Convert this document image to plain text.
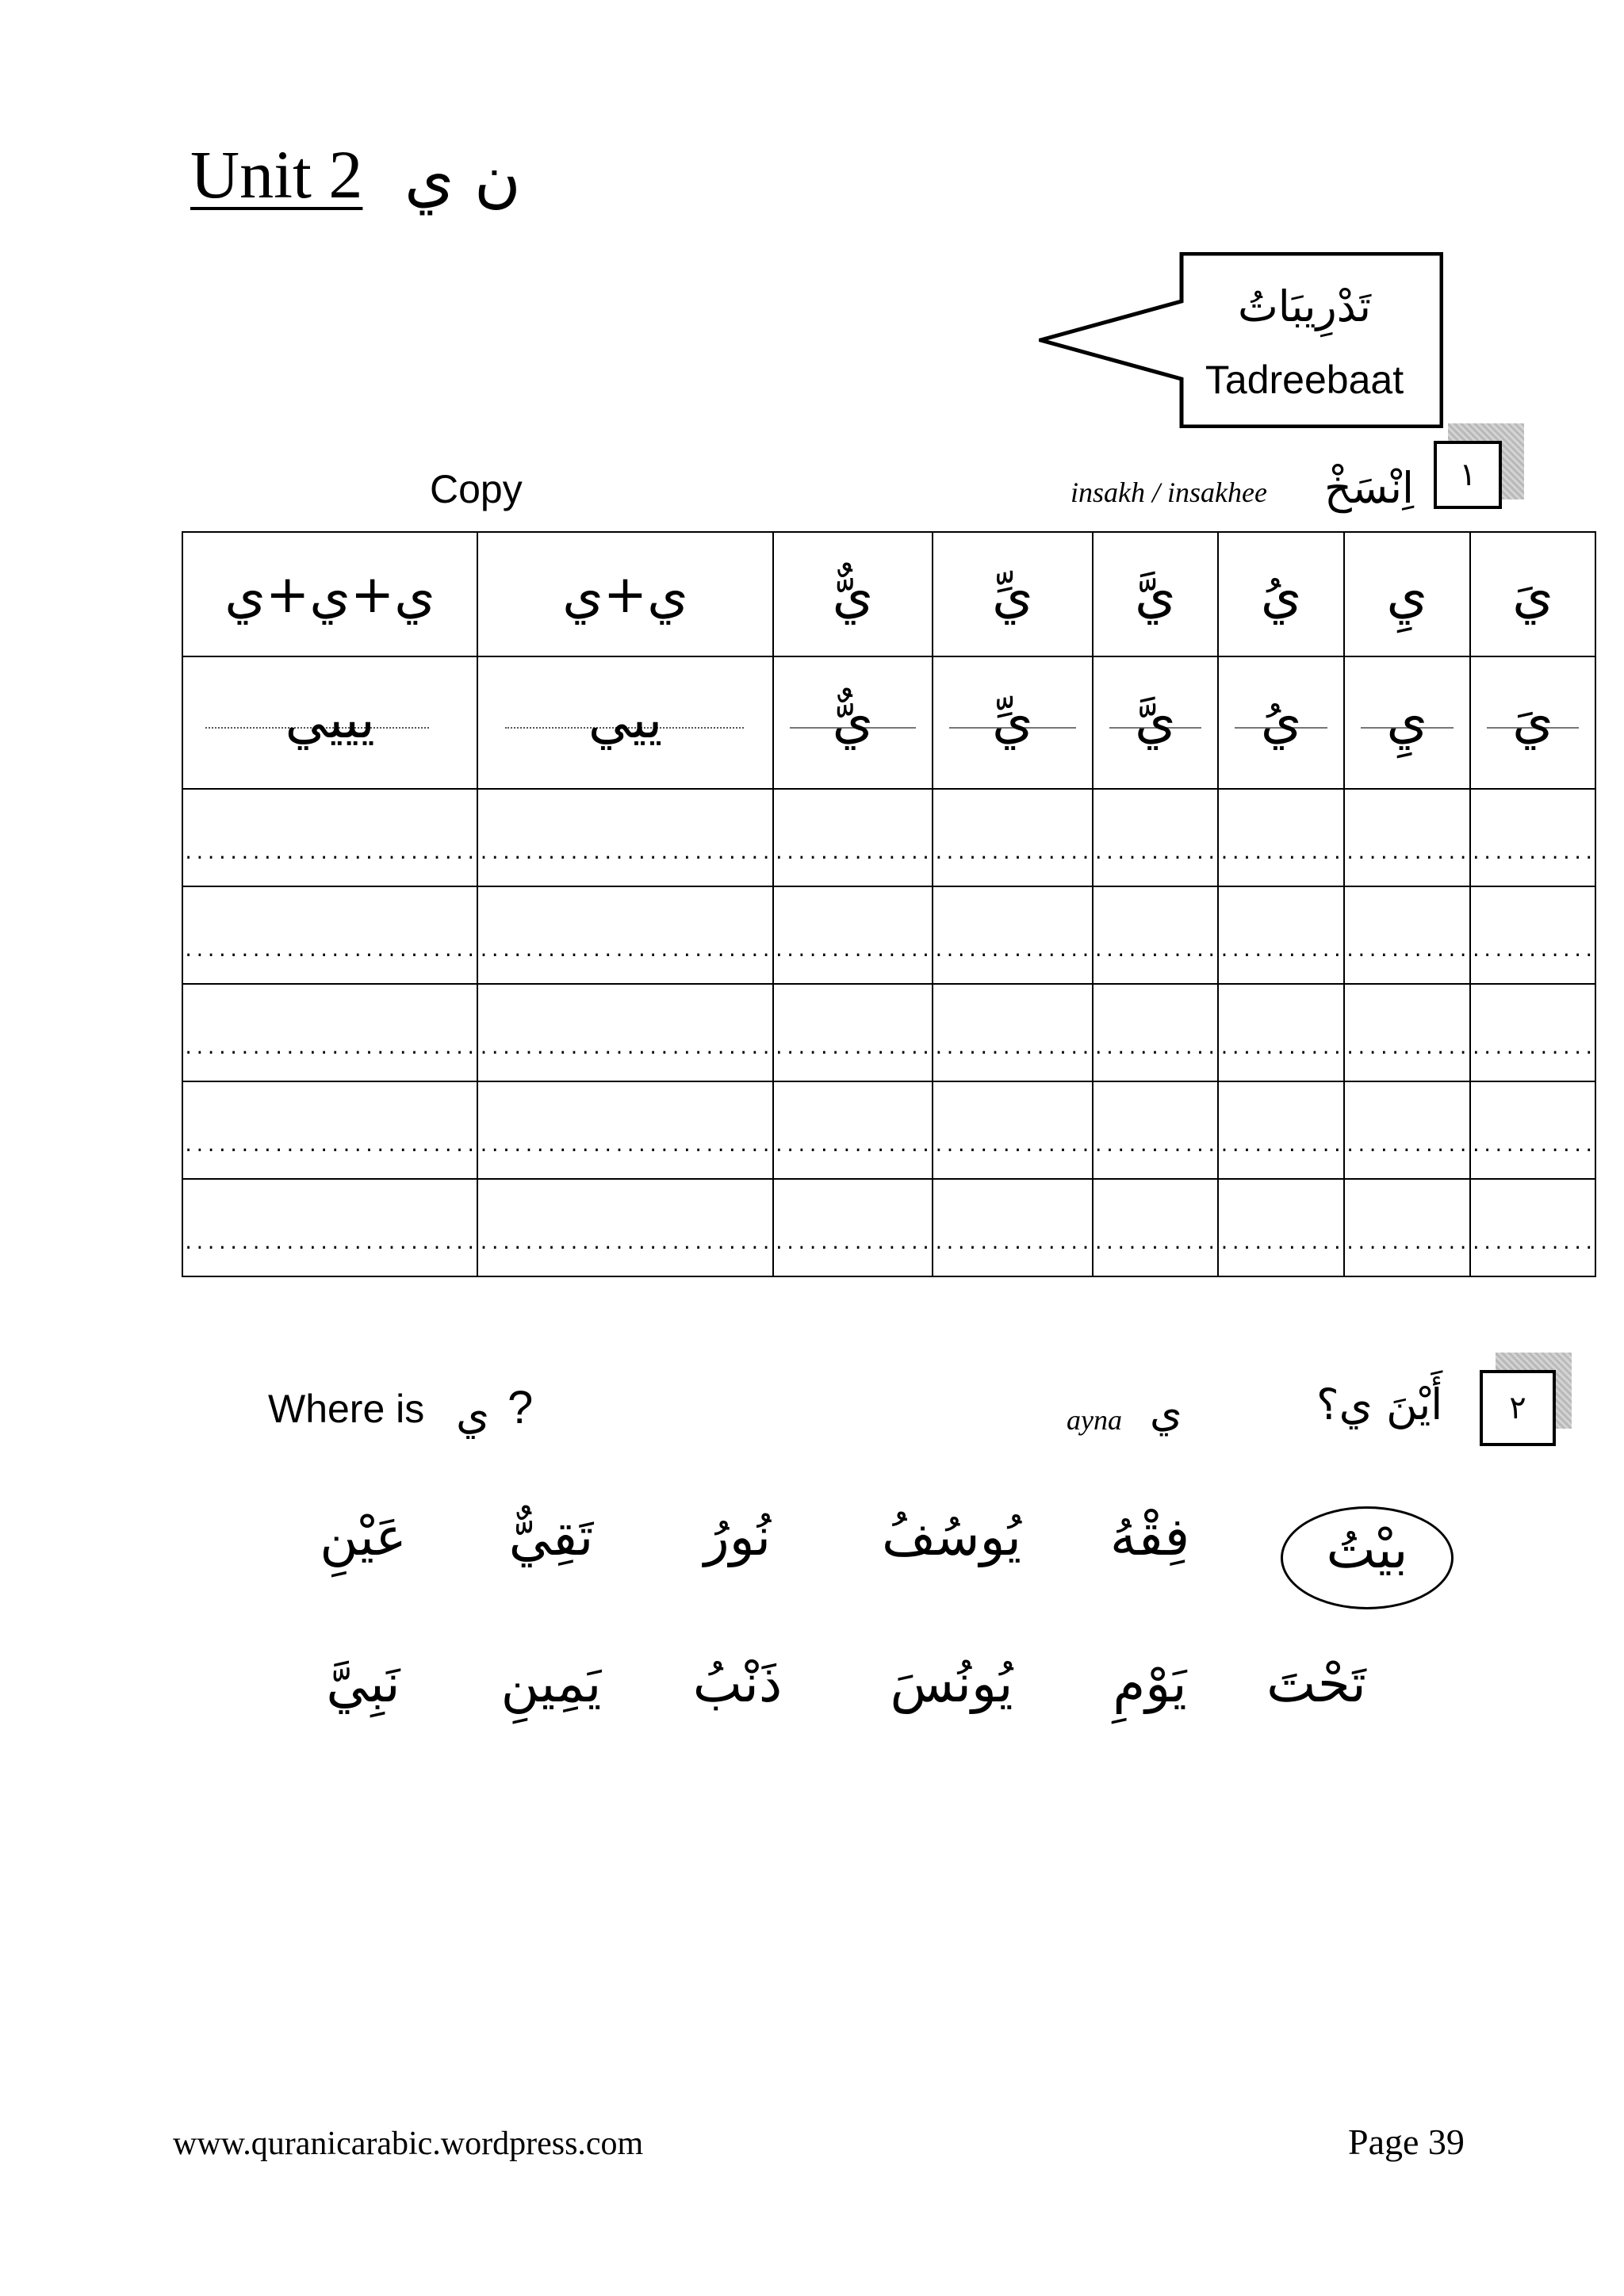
Unit 2 ن ي
تَدْرِيبَاتُ
Tadreebaat
١
اِنْسَخْ
insakh / insakhee
Copy
ي+ي+ي	ي+ي	يٌّ	يِّ	يَّ	يُ	يِ	يَ

يييي	ييي	يٌّ	يِّ	يَّ	يُ	يِ	يَ

..........................	..........................	..............	..............	...........	...........	...........	...........
..........................	..........................	..............	..............	...........	...........	...........	...........
..........................	..........................	..............	..............	...........	...........	...........	...........
..........................	..........................	..............	..............	...........	...........	...........	...........
..........................	..........................	..............	..............	...........	...........	...........	...........
٢
أَيْنَ ي؟
ayna ي
Where is ي ?
بيْتُ
فِقْهُ
يُوسُفُ
نُورُ
تَقِيٌّ
عَيْنِ
تَحْتَ
يَوْمِ
يُونُسَ
ذَنْبُ
يَمِينِ
نَبِيَّ
www.quranicarabic.wordpress.com	Page 39
